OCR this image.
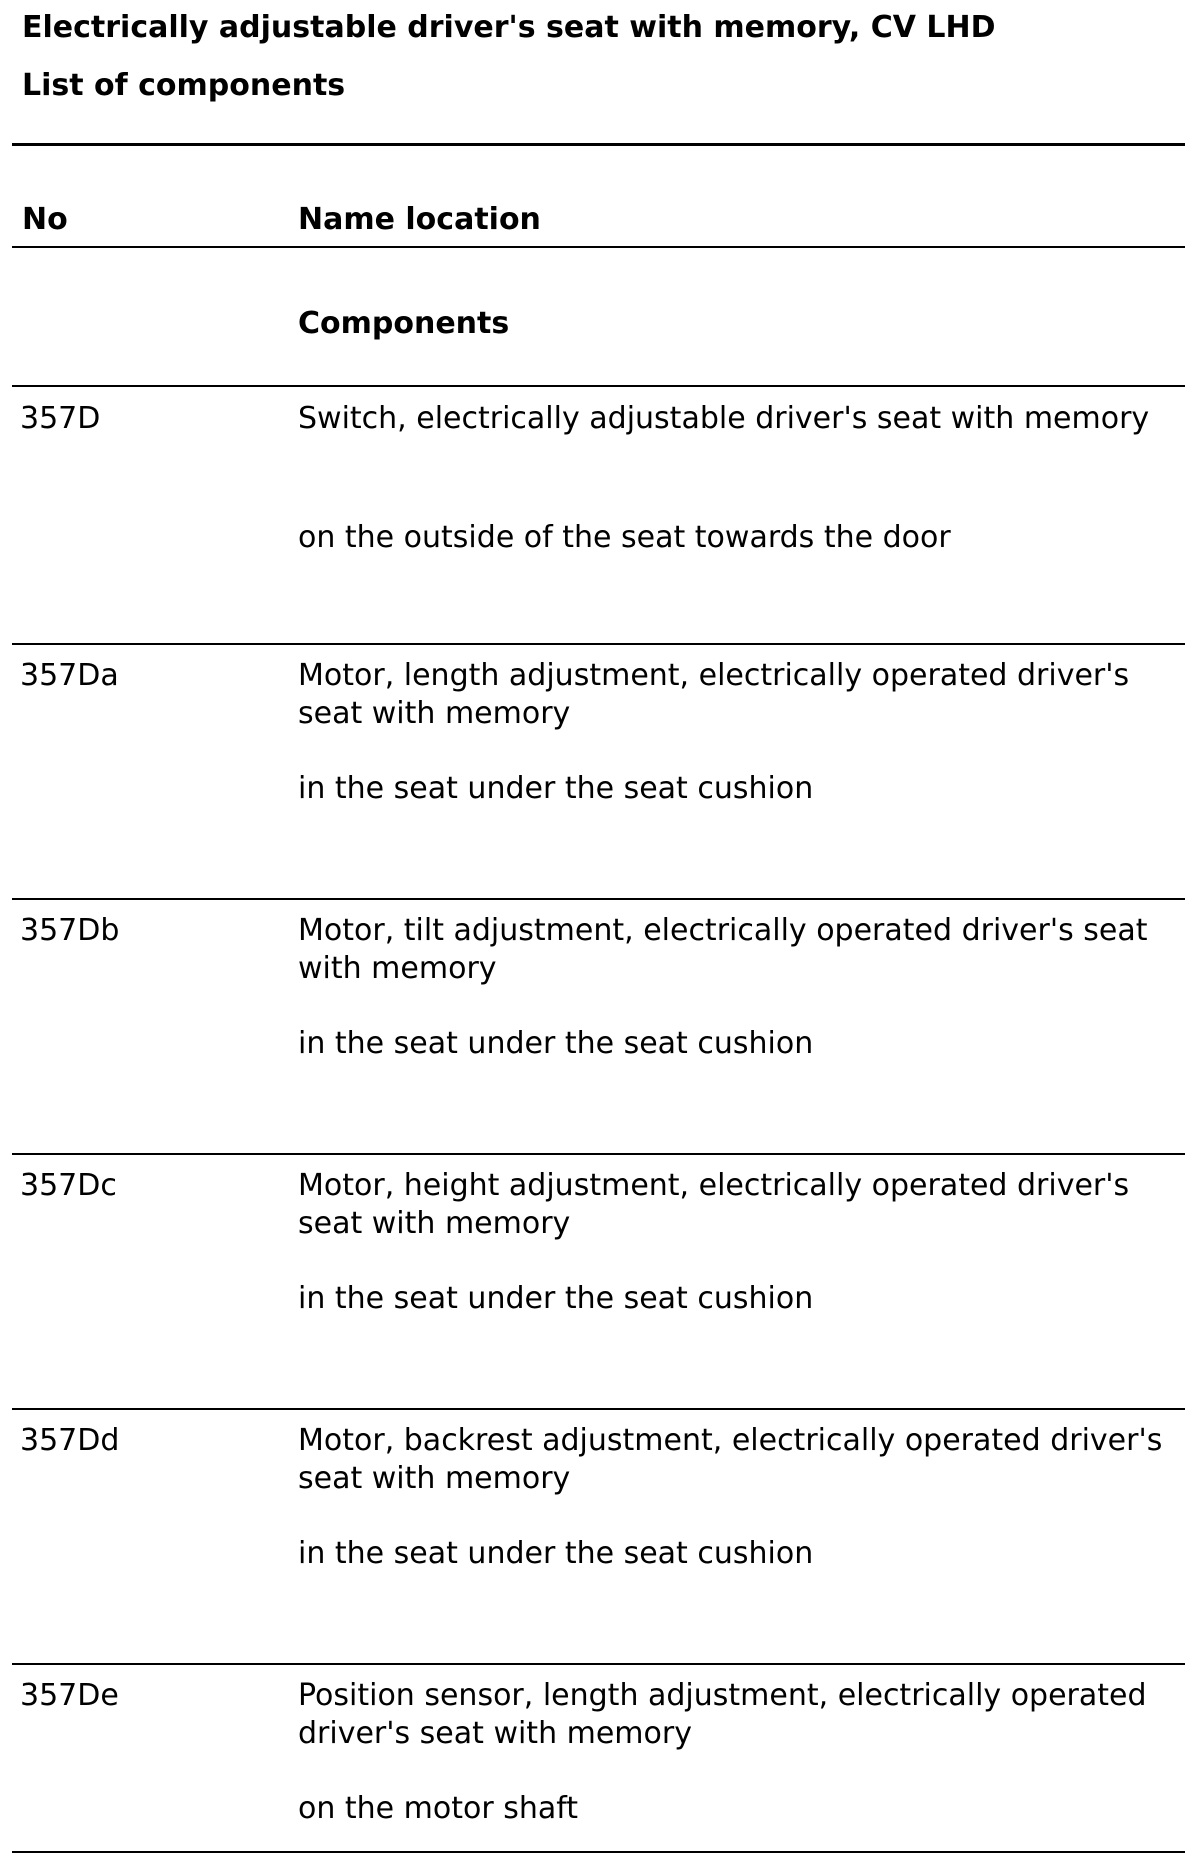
Electrically adjustable driver's seat with memory, CV LHD
List of components
No	Name location
Components
357D	Switch, electrically adjustable driver's seat with memory
on the outside of the seat towards the door
357Da	Motor, length adjustment, electrically operated driver's seat with memory
in the seat under the seat cushion
357Db	Motor, tilt adjustment, electrically operated driver's seat with memory
in the seat under the seat cushion
357Dc	Motor, height adjustment, electrically operated driver's seat with memory
in the seat under the seat cushion
357Dd	Motor, backrest adjustment, electrically operated driver's seat with memory
in the seat under the seat cushion
357De	Position sensor, length adjustment, electrically operated driver's seat with memory
on the motor shaft
